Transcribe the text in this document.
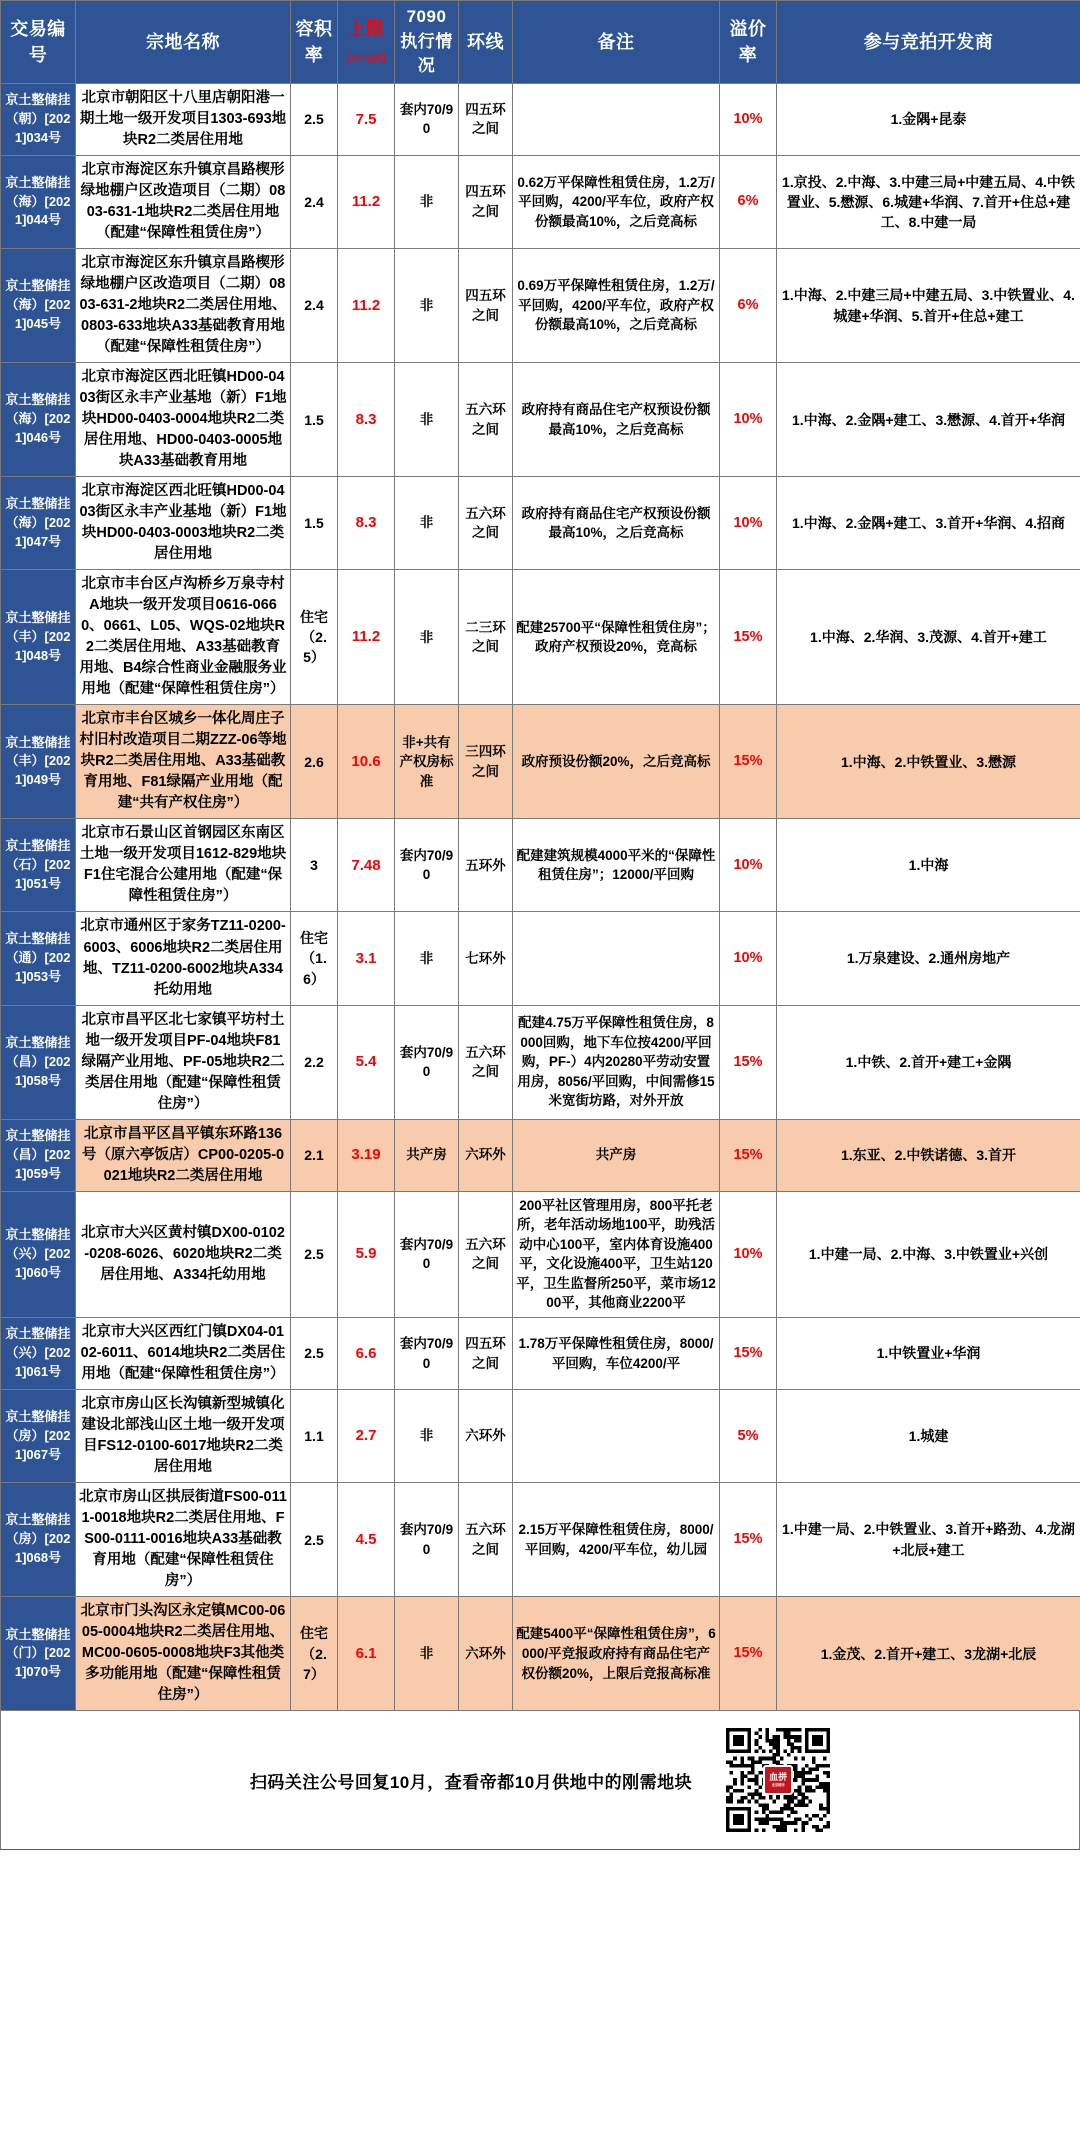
交易编号	宗地名称	容积率	上限(万元/㎡)	7090执行情况	环线	备注	溢价率	参与竞拍开发商
京土整储挂（朝）[2021]034号	北京市朝阳区十八里店朝阳港一期土地一级开发项目1303-693地块R2二类居住用地	2.5	7.5	套内70/90	四五环之间		10%	1.金隅+昆泰
京土整储挂（海）[2021]044号	北京市海淀区东升镇京昌路楔形绿地棚户区改造项目（二期）0803-631-1地块R2二类居住用地（配建“保障性租赁住房”）	2.4	11.2	非	四五环之间	0.62万平保障性租赁住房，1.2万/平回购，4200/平车位，政府产权份额最高10%，之后竞高标	6%	1.京投、2.中海、3.中建三局+中建五局、4.中铁置业、5.懋源、6.城建+华润、7.首开+住总+建工、8.中建一局
京土整储挂（海）[2021]045号	北京市海淀区东升镇京昌路楔形绿地棚户区改造项目（二期）0803-631-2地块R2二类居住用地、0803-633地块A33基础教育用地（配建“保障性租赁住房”）	2.4	11.2	非	四五环之间	0.69万平保障性租赁住房，1.2万/平回购，4200/平车位，政府产权份额最高10%，之后竞高标	6%	1.中海、2.中建三局+中建五局、3.中铁置业、4.城建+华润、5.首开+住总+建工
京土整储挂（海）[2021]046号	北京市海淀区西北旺镇HD00-0403街区永丰产业基地（新）F1地块HD00-0403-0004地块R2二类居住用地、HD00-0403-0005地块A33基础教育用地	1.5	8.3	非	五六环之间	政府持有商品住宅产权预设份额最高10%，之后竞高标	10%	1.中海、2.金隅+建工、3.懋源、4.首开+华润
京土整储挂（海）[2021]047号	北京市海淀区西北旺镇HD00-0403街区永丰产业基地（新）F1地块HD00-0403-0003地块R2二类居住用地	1.5	8.3	非	五六环之间	政府持有商品住宅产权预设份额最高10%，之后竞高标	10%	1.中海、2.金隅+建工、3.首开+华润、4.招商
京土整储挂（丰）[2021]048号	北京市丰台区卢沟桥乡万泉寺村A地块一级开发项目0616-0660、0661、L05、WQS-02地块R2二类居住用地、A33基础教育用地、B4综合性商业金融服务业用地（配建“保障性租赁住房”）	住宅（2.5）	11.2	非	二三环之间	配建25700平“保障性租赁住房”；政府产权预设20%，竞高标	15%	1.中海、2.华润、3.茂源、4.首开+建工
京土整储挂（丰）[2021]049号	北京市丰台区城乡一体化周庄子村旧村改造项目二期ZZZ-06等地块R2二类居住用地、A33基础教育用地、F81绿隔产业用地（配建“共有产权住房”）	2.6	10.6	非+共有产权房标准	三四环之间	政府预设份额20%，之后竞高标	15%	1.中海、2.中铁置业、3.懋源
京土整储挂（石）[2021]051号	北京市石景山区首钢园区东南区土地一级开发项目1612-829地块F1住宅混合公建用地（配建“保障性租赁住房”）	3	7.48	套内70/90	五环外	配建建筑规模4000平米的“保障性租赁住房”；12000/平回购	10%	1.中海
京土整储挂（通）[2021]053号	北京市通州区于家务TZ11-0200-6003、6006地块R2二类居住用地、TZ11-0200-6002地块A334托幼用地	住宅（1.6）	3.1	非	七环外		10%	1.万泉建设、2.通州房地产
京土整储挂（昌）[2021]058号	北京市昌平区北七家镇平坊村土地一级开发项目PF-04地块F81绿隔产业用地、PF-05地块R2二类居住用地（配建“保障性租赁住房”）	2.2	5.4	套内70/90	五六环之间	配建4.75万平保障性租赁住房，8000回购，地下车位按4200/平回购，PF-）4内20280平劳动安置用房，8056/平回购，中间需修15米宽街坊路，对外开放	15%	1.中铁、2.首开+建工+金隅
京土整储挂（昌）[2021]059号	北京市昌平区昌平镇东环路136号（原六亭饭店）CP00-0205-0021地块R2二类居住用地	2.1	3.19	共产房	六环外	共产房	15%	1.东亚、2.中铁诺德、3.首开
京土整储挂（兴）[2021]060号	北京市大兴区黄村镇DX00-0102-0208-6026、6020地块R2二类居住用地、A334托幼用地	2.5	5.9	套内70/90	五六环之间	200平社区管理用房，800平托老所，老年活动场地100平，助残活动中心100平，室内体育设施400平，文化设施400平，卫生站120平，卫生监督所250平，菜市场1200平，其他商业2200平	10%	1.中建一局、2.中海、3.中铁置业+兴创
京土整储挂（兴）[2021]061号	北京市大兴区西红门镇DX04-0102-6011、6014地块R2二类居住用地（配建“保障性租赁住房”）	2.5	6.6	套内70/90	四五环之间	1.78万平保障性租赁住房，8000/平回购，车位4200/平	15%	1.中铁置业+华润
京土整储挂（房）[2021]067号	北京市房山区长沟镇新型城镇化建设北部浅山区土地一级开发项目FS12-0100-6017地块R2二类居住用地	1.1	2.7	非	六环外		5%	1.城建
京土整储挂（房）[2021]068号	北京市房山区拱辰街道FS00-0111-0018地块R2二类居住用地、FS00-0111-0016地块A33基础教育用地（配建“保障性租赁住房”）	2.5	4.5	套内70/90	五六环之间	2.15万平保障性租赁住房，8000/平回购，4200/平车位，幼儿园	15%	1.中建一局、2.中铁置业、3.首开+路劲、4.龙湖+北辰+建工
京土整储挂（门）[2021]070号	北京市门头沟区永定镇MC00-0605-0004地块R2二类居住用地、MC00-0605-0008地块F3其他类多功能用地（配建“保障性租赁住房”）	住宅（2.7）	6.1	非	六环外	配建5400平“保障性租赁住房”，6000/平竞报政府持有商品住宅产权份额20%，上限后竞报高标准	15%	1.金茂、2.首开+建工、3龙湖+北辰
扫码关注公号回复10月，查看帝都10月供地中的刚需地块	血拼
北京楼市
